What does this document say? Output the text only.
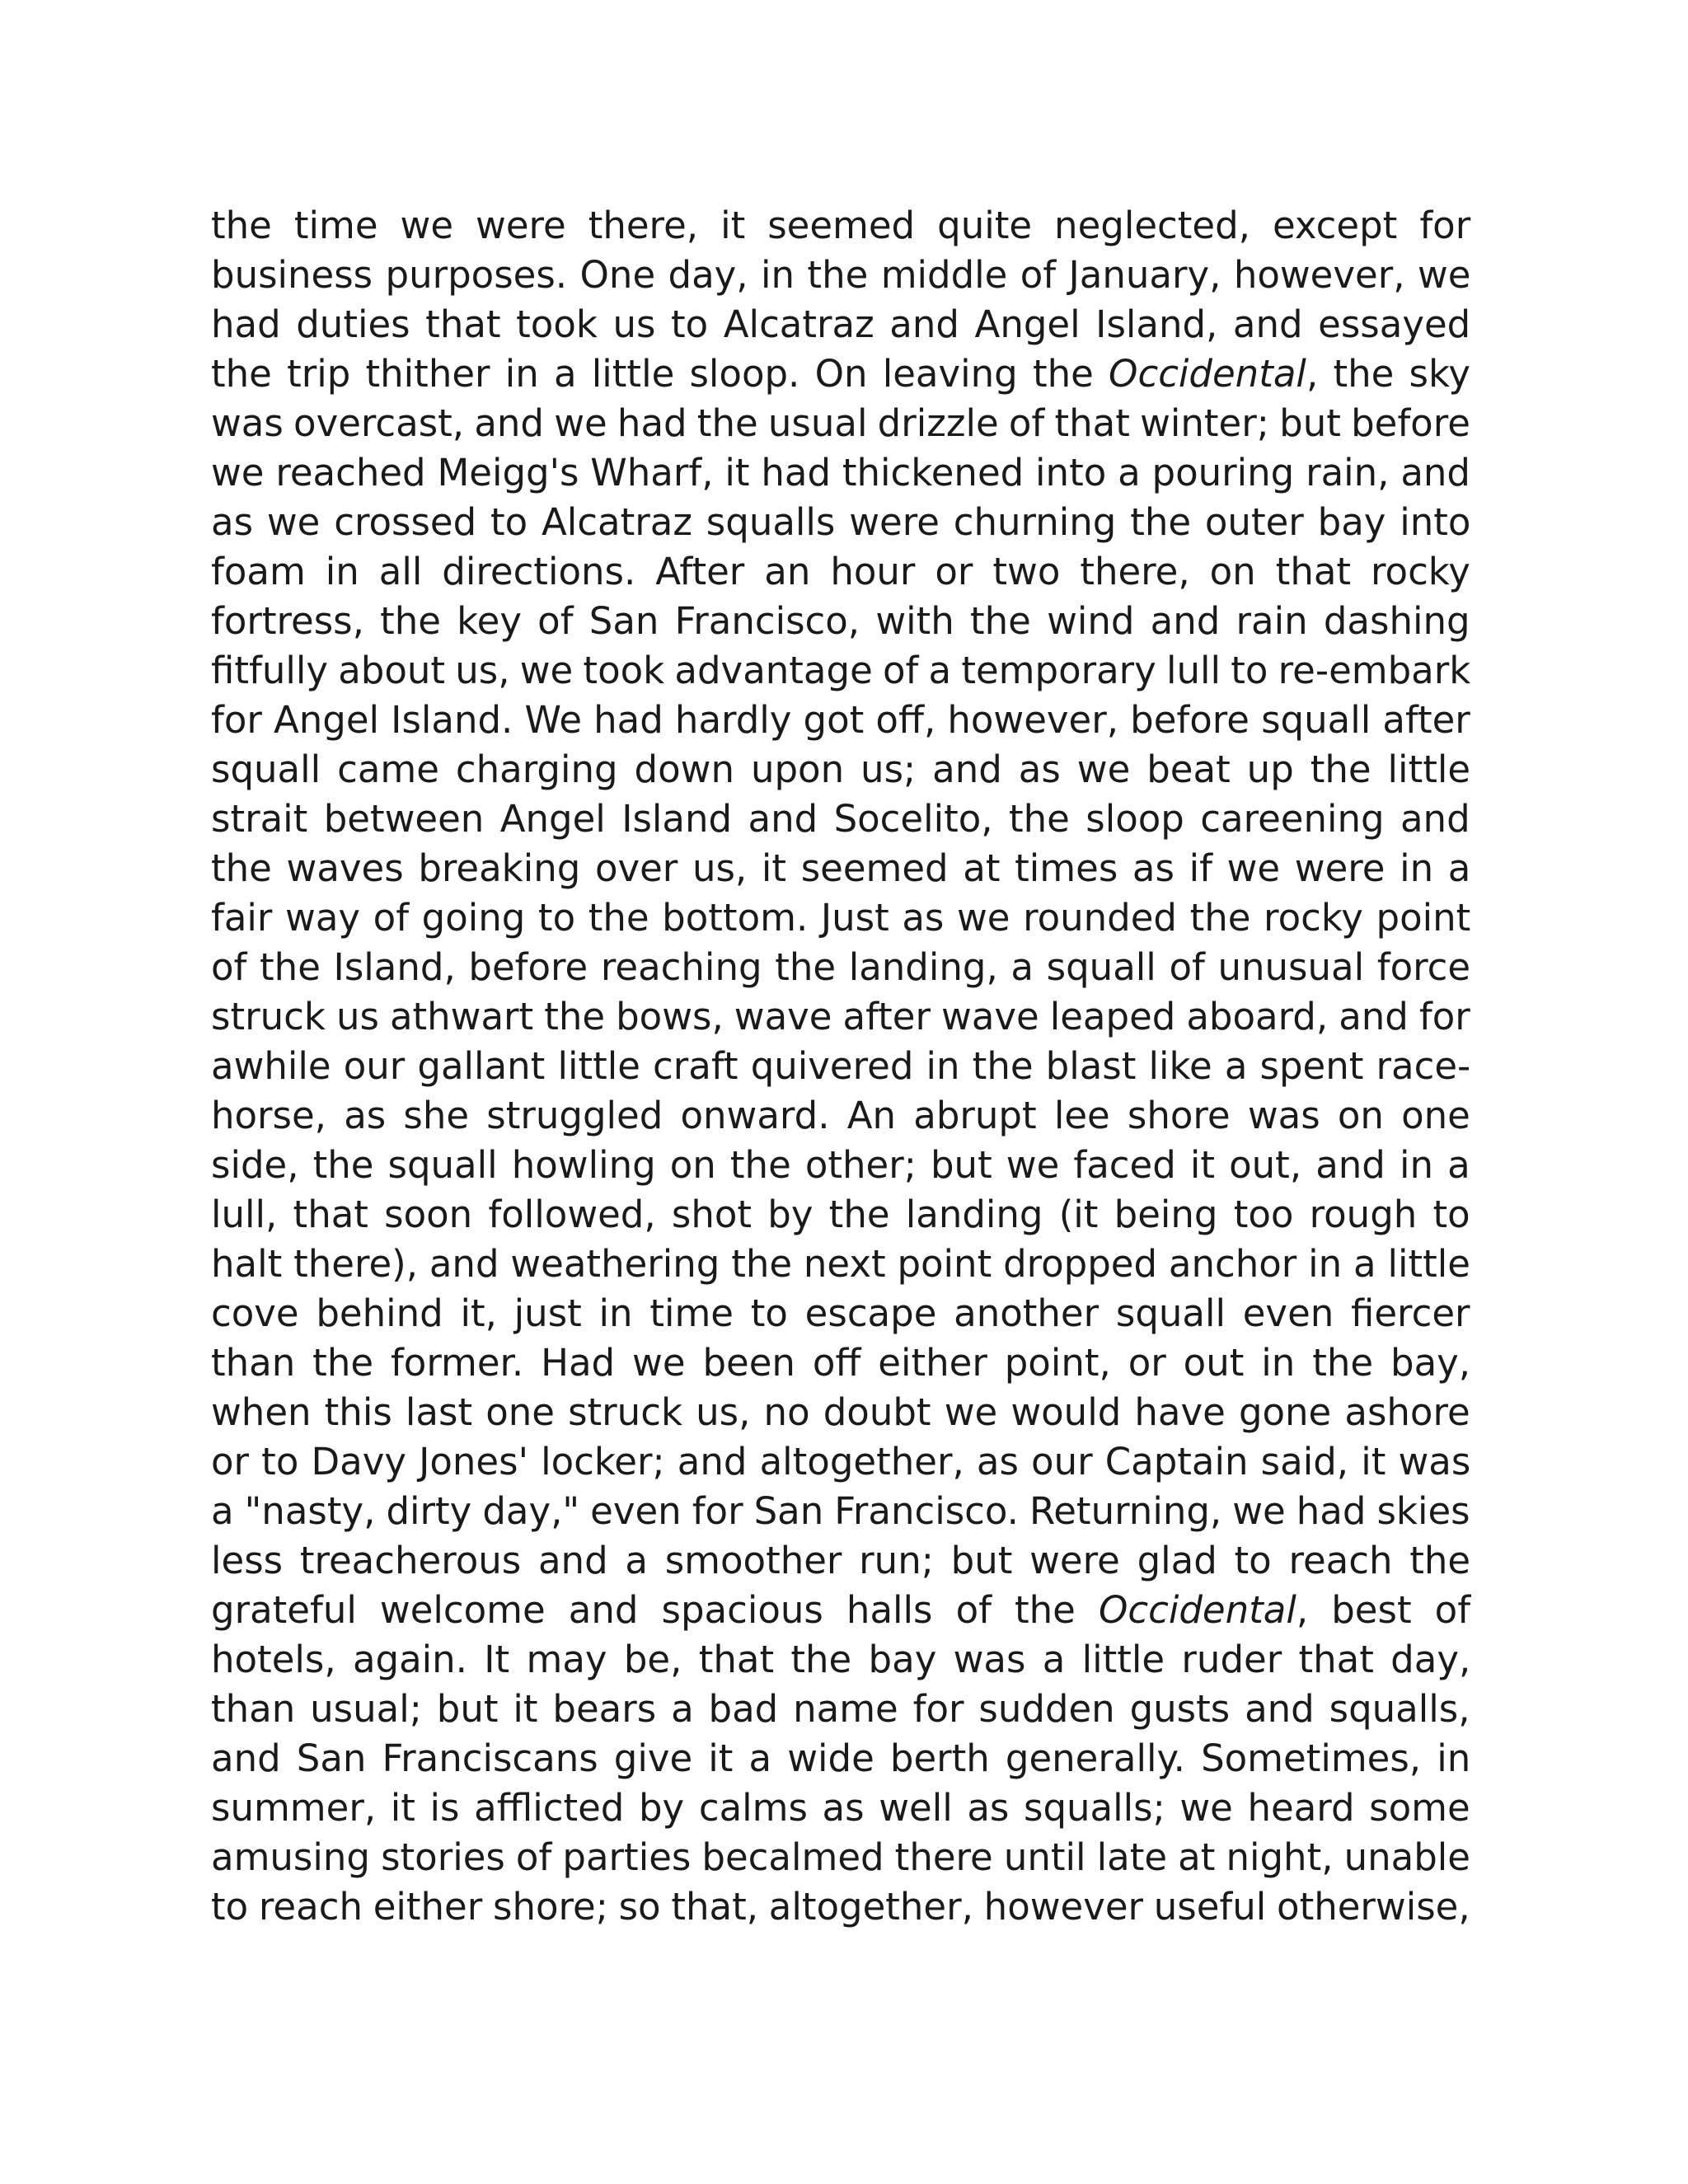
the time we were there, it seemed quite neglected, except for
business purposes. One day, in the middle of January, however, we
had duties that took us to Alcatraz and Angel Island, and essayed
the trip thither in a little sloop. On leaving the Occidental, the sky
was overcast, and we had the usual drizzle of that winter; but before
we reached Meigg's Wharf, it had thickened into a pouring rain, and
as we crossed to Alcatraz squalls were churning the outer bay into
foam in all directions. After an hour or two there, on that rocky
fortress, the key of San Francisco, with the wind and rain dashing
fitfully about us, we took advantage of a temporary lull to re-embark
for Angel Island. We had hardly got off, however, before squall after
squall came charging down upon us; and as we beat up the little
strait between Angel Island and Socelito, the sloop careening and
the waves breaking over us, it seemed at times as if we were in a
fair way of going to the bottom. Just as we rounded the rocky point
of the Island, before reaching the landing, a squall of unusual force
struck us athwart the bows, wave after wave leaped aboard, and for
awhile our gallant little craft quivered in the blast like a spent race-
horse, as she struggled onward. An abrupt lee shore was on one
side, the squall howling on the other; but we faced it out, and in a
lull, that soon followed, shot by the landing (it being too rough to
halt there), and weathering the next point dropped anchor in a little
cove behind it, just in time to escape another squall even fiercer
than the former. Had we been off either point, or out in the bay,
when this last one struck us, no doubt we would have gone ashore
or to Davy Jones' locker; and altogether, as our Captain said, it was
a "nasty, dirty day," even for San Francisco. Returning, we had skies
less treacherous and a smoother run; but were glad to reach the
grateful welcome and spacious halls of the Occidental, best of
hotels, again. It may be, that the bay was a little ruder that day,
than usual; but it bears a bad name for sudden gusts and squalls,
and San Franciscans give it a wide berth generally. Sometimes, in
summer, it is afflicted by calms as well as squalls; we heard some
amusing stories of parties becalmed there until late at night, unable
to reach either shore; so that, altogether, however useful otherwise,
